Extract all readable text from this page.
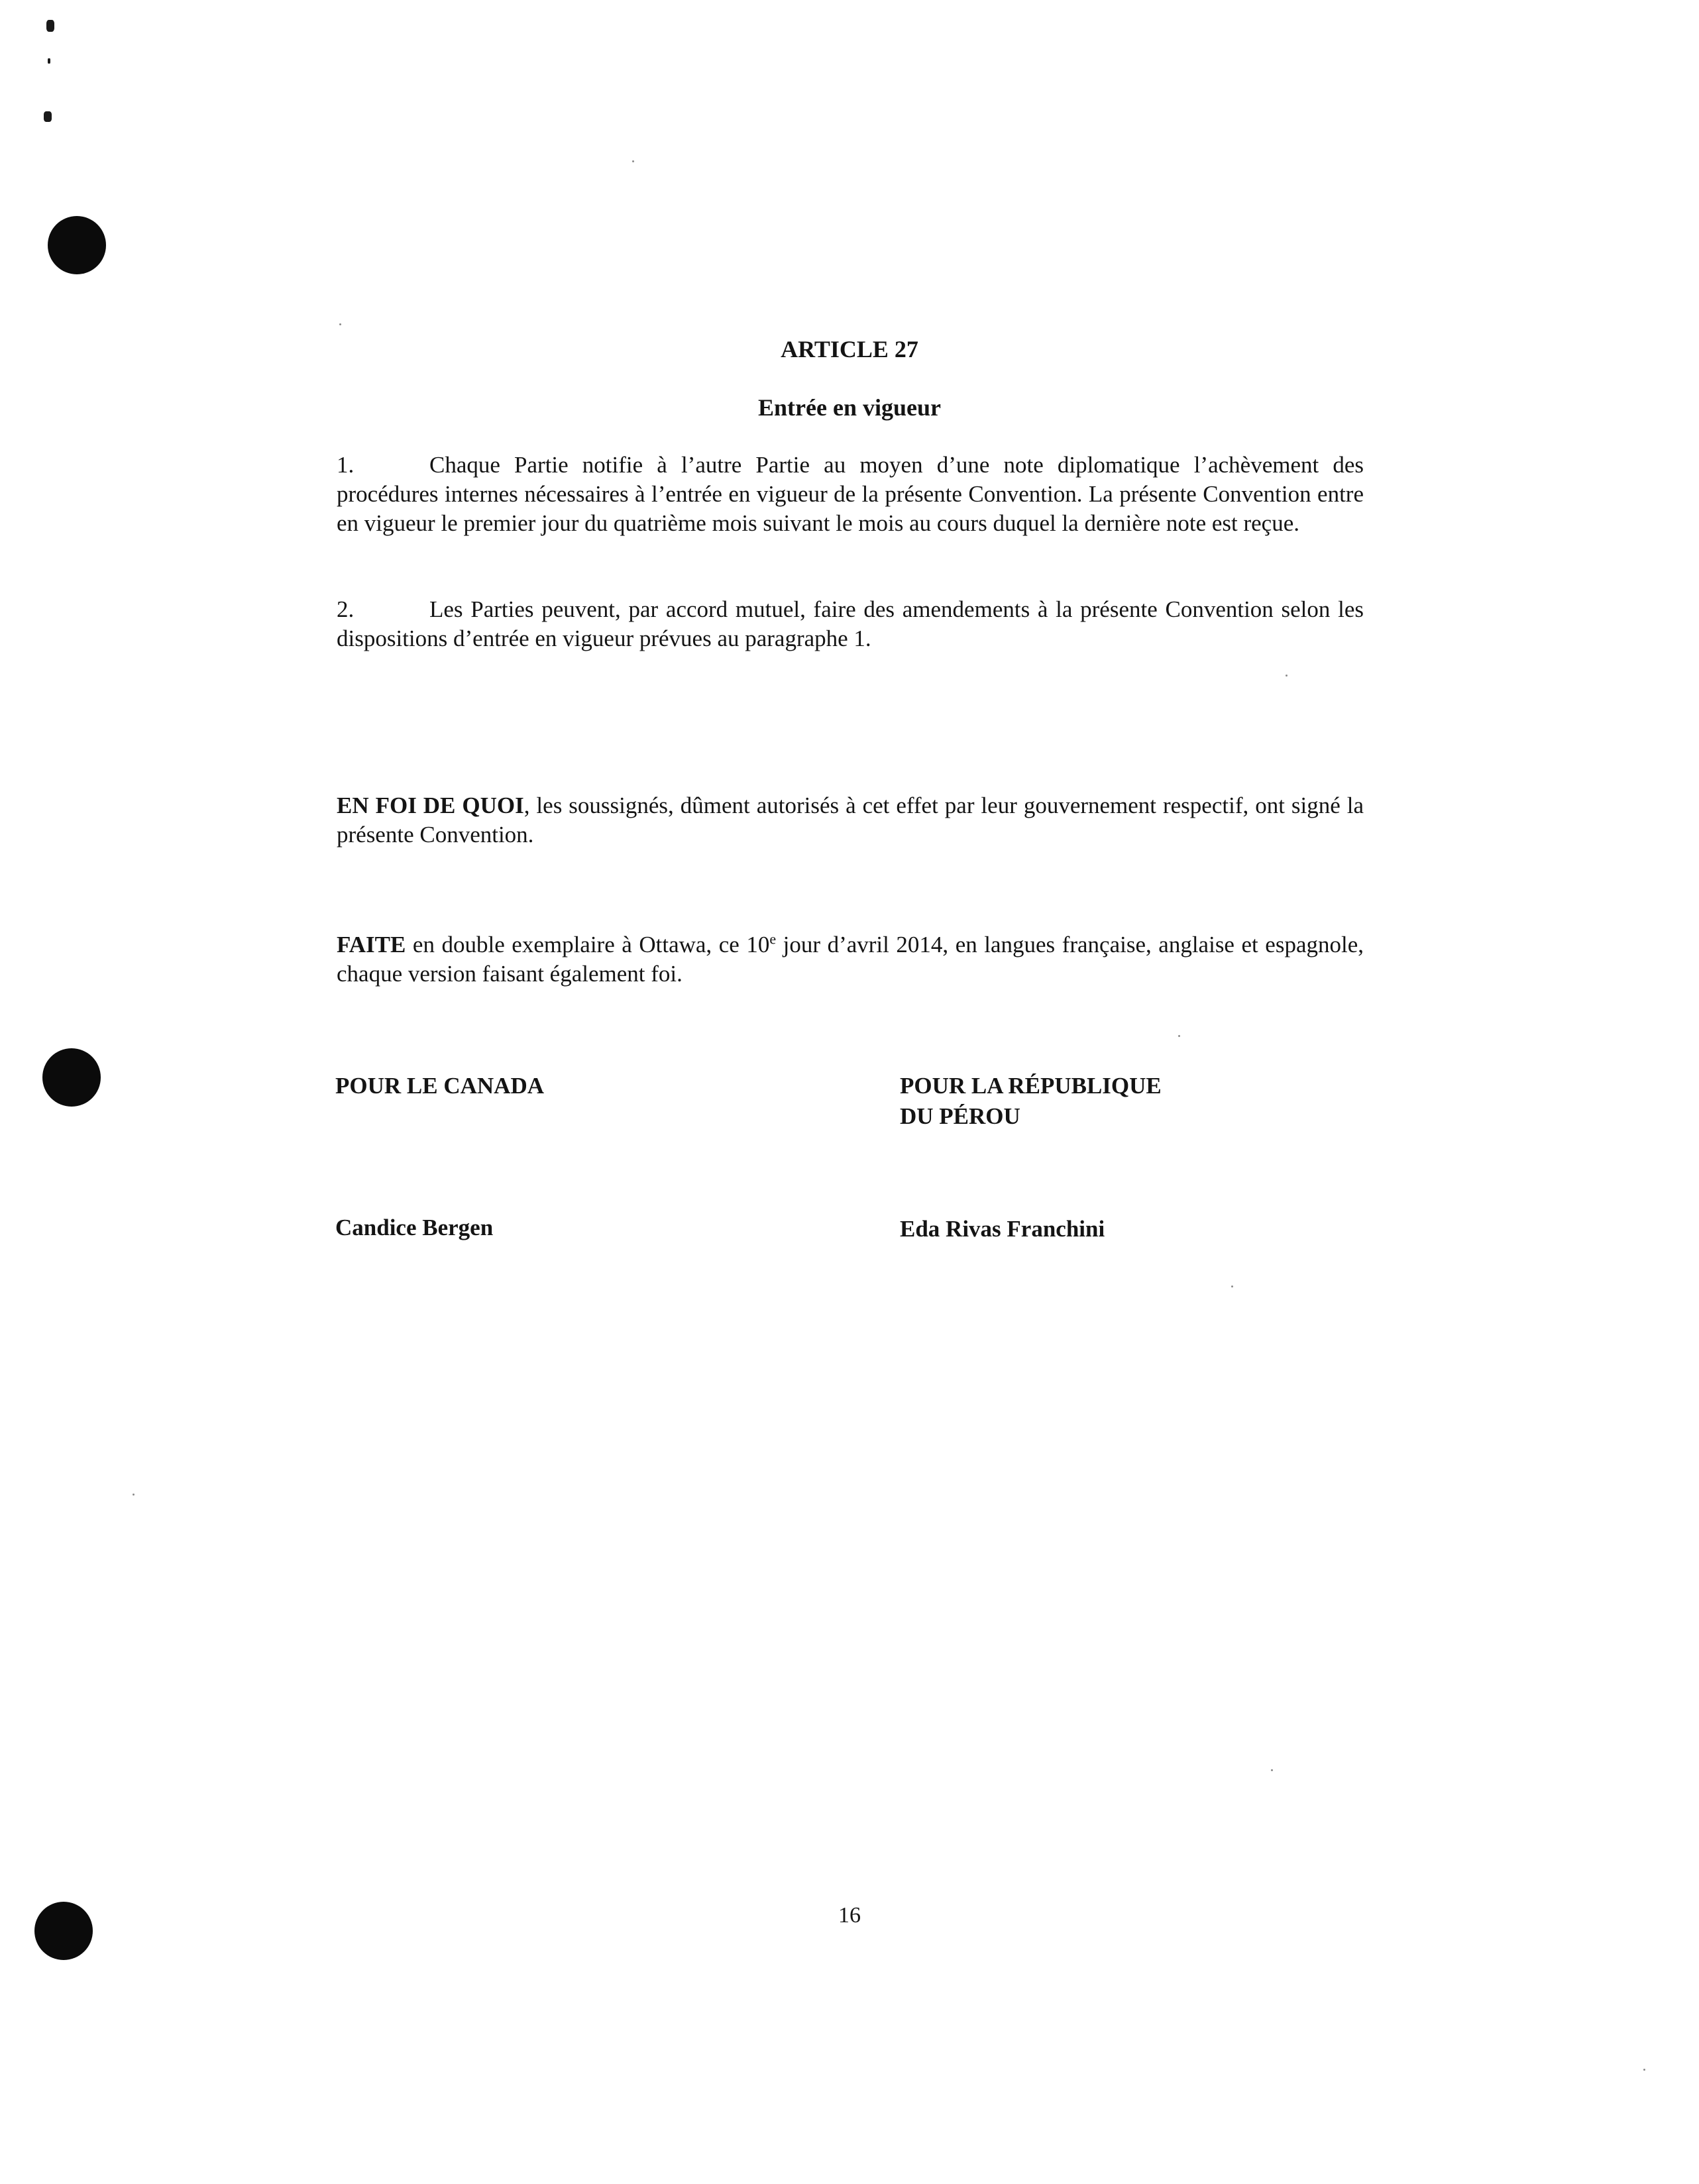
ARTICLE 27
Entrée en vigueur
1.	Chaque Partie notifie à l’autre Partie au moyen d’une note diplomatique l’achèvement des procédures internes nécessaires à l’entrée en vigueur de la présente Convention. La présente Convention entre en vigueur le premier jour du quatrième mois suivant le mois au cours duquel la dernière note est reçue.
2.	Les Parties peuvent, par accord mutuel, faire des amendements à la présente Convention selon les dispositions d’entrée en vigueur prévues au paragraphe 1.
EN FOI DE QUOI, les soussignés, dûment autorisés à cet effet par leur gouvernement respectif, ont signé la présente Convention.
FAITE en double exemplaire à Ottawa, ce 10e jour d’avril 2014, en langues française, anglaise et espagnole, chaque version faisant également foi.
POUR LE CANADA	POUR LA RÉPUBLIQUE
DU PÉROU
Candice Bergen	Eda Rivas Franchini
16
